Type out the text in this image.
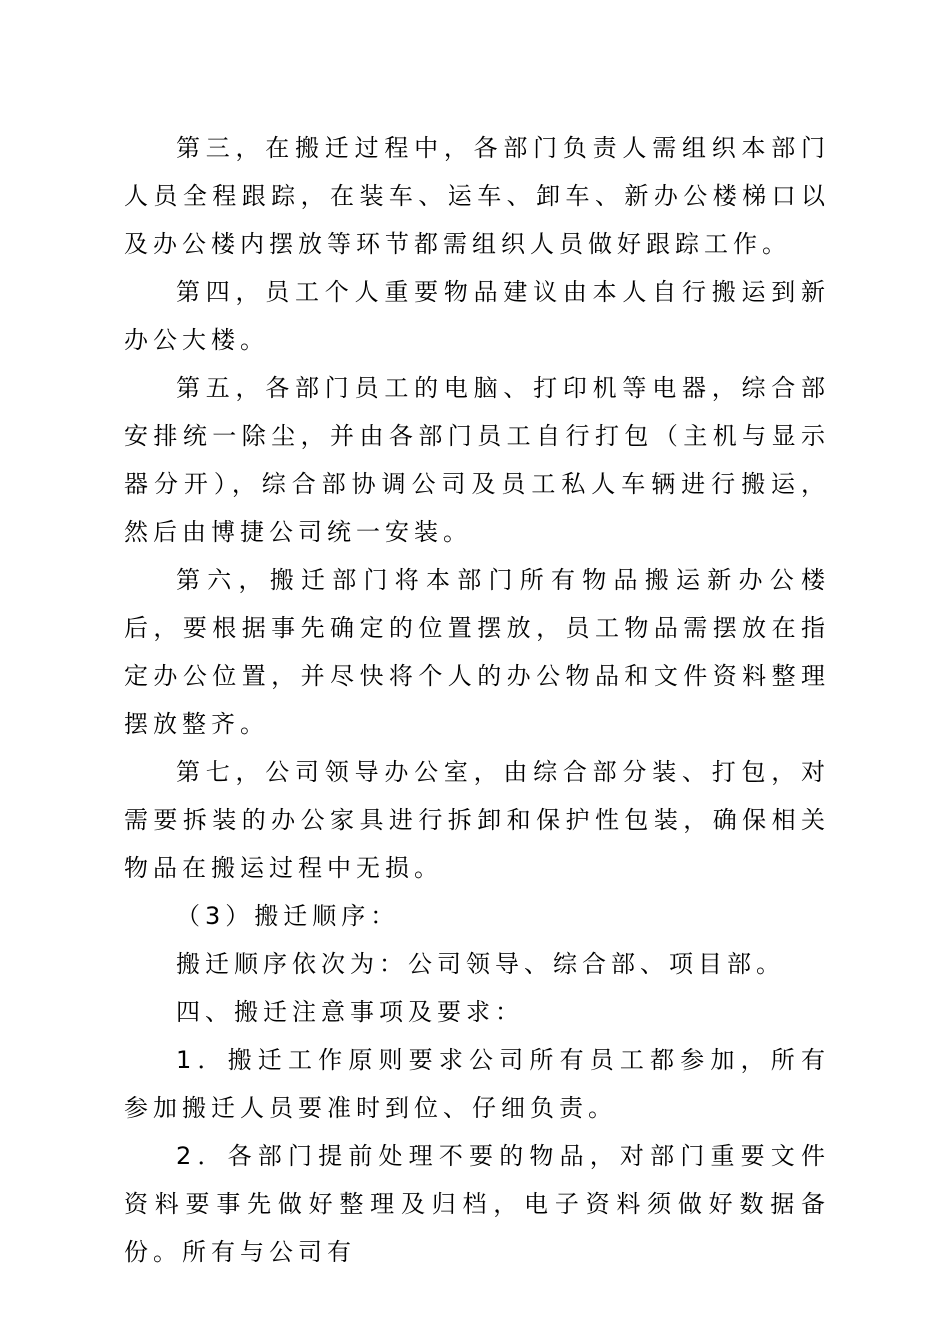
第三，在搬迁过程中，各部门负责人需组织本部门人员全程跟踪，在装车、运车、卸车、新办公楼梯口以及办公楼内摆放等环节都需组织人员做好跟踪工作。

第四，员工个人重要物品建议由本人自行搬运到新办公大楼。

第五，各部门员工的电脑、打印机等电器，综合部安排统一除尘，并由各部门员工自行打包（主机与显示器分开），综合部协调公司及员工私人车辆进行搬运，然后由博捷公司统一安装。

第六，搬迁部门将本部门所有物品搬运新办公楼后，要根据事先确定的位置摆放，员工物品需摆放在指定办公位置，并尽快将个人的办公物品和文件资料整理摆放整齐。

第七，公司领导办公室，由综合部分装、打包，对需要拆装的办公家具进行拆卸和保护性包装，确保相关物品在搬运过程中无损。

（3）搬迁顺序：

搬迁顺序依次为：公司领导、综合部、项目部。

四、搬迁注意事项及要求：

1．搬迁工作原则要求公司所有员工都参加，所有参加搬迁人员要准时到位、仔细负责。

2．各部门提前处理不要的物品，对部门重要文件资料要事先做好整理及归档，电子资料须做好数据备份。所有与公司有
